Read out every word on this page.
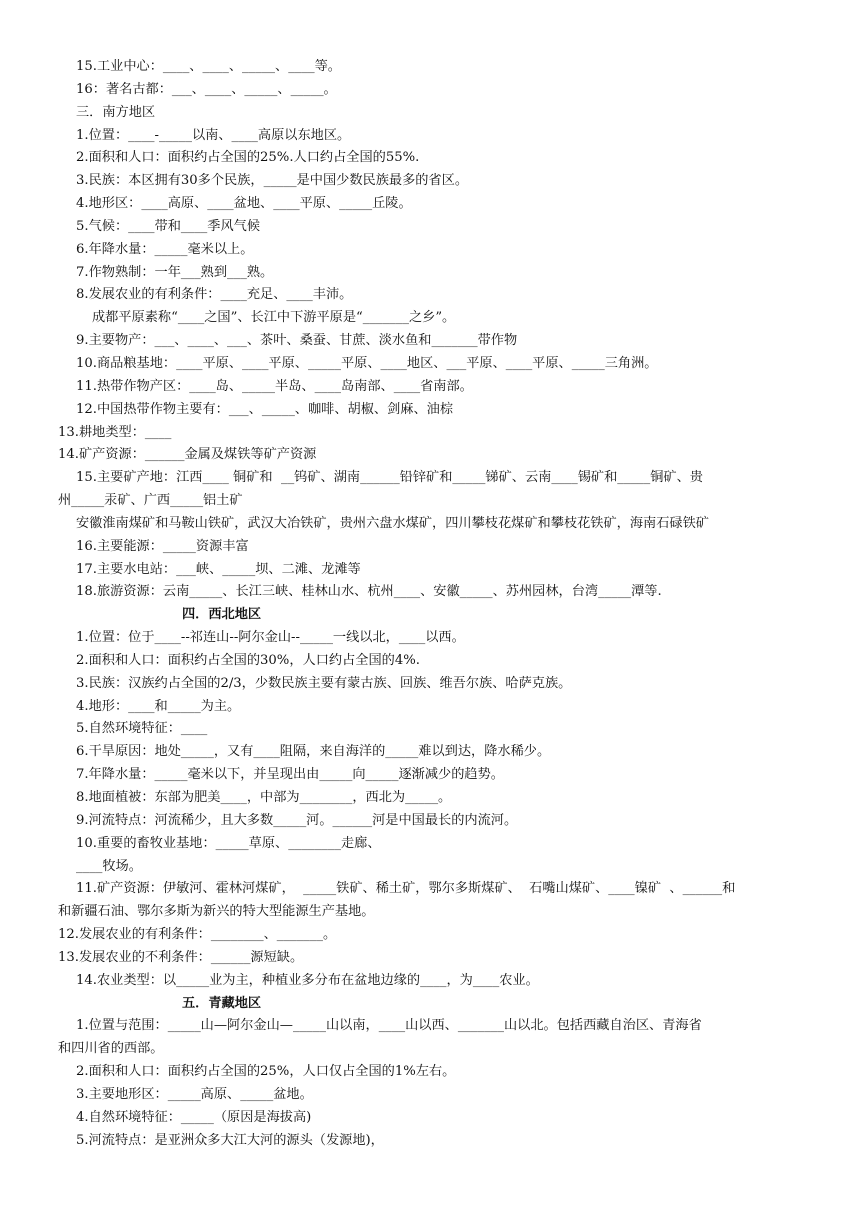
15.工业中心：____、____、_____、____等。
16：著名古都：___、____、_____、_____。
三．南方地区
1.位置：____-_____以南、____高原以东地区。
2.面积和人口：面积约占全国的25%.人口约占全国的55%.
3.民族：本区拥有30多个民族，_____是中国少数民族最多的省区。
4.地形区：____高原、____盆地、____平原、_____丘陵。
5.气候：____带和____季风气候
6.年降水量：_____毫米以上。
7.作物熟制：一年___熟到___熟。
8.发展农业的有利条件：____充足、____丰沛。
成都平原素称“____之国”、长江中下游平原是“_______之乡”。
9.主要物产：___、____、___、茶叶、桑蚕、甘蔗、淡水鱼和_______带作物
10.商品粮基地：____平原、____平原、_____平原、____地区、___平原、____平原、_____三角洲。
11.热带作物产区：____岛、_____半岛、____岛南部、____省南部。
12.中国热带作物主要有：___、_____、咖啡、胡椒、剑麻、油棕
13.耕地类型：____
14.矿产资源：______金属及煤铁等矿产资源
15.主要矿产地：江西____ 铜矿和  __钨矿、湖南______铅锌矿和_____锑矿、云南____锡矿和_____铜矿、贵
州_____汞矿、广西_____铝土矿
安徽淮南煤矿和马鞍山铁矿，武汉大冶铁矿，贵州六盘水煤矿，四川攀枝花煤矿和攀枝花铁矿，海南石碌铁矿
16.主要能源：_____资源丰富
17.主要水电站：___峡、_____坝、二滩、龙滩等
18.旅游资源：云南_____、长江三峡、桂林山水、杭州____、安徽_____、苏州园林，台湾_____潭等.
四．西北地区
1.位置：位于____--祁连山--阿尔金山--_____一线以北，____以西。
2.面积和人口：面积约占全国的30%，人口约占全国的4%.
3.民族：汉族约占全国的2/3，少数民族主要有蒙古族、回族、维吾尔族、哈萨克族。
4.地形：____和_____为主。
5.自然环境特征：____
6.干旱原因：地处_____，又有____阻隔，来自海洋的_____难以到达，降水稀少。
7.年降水量：_____毫米以下，并呈现出由_____向_____逐渐减少的趋势。
8.地面植被：东部为肥美____，中部为________，西北为_____。
9.河流特点：河流稀少，且大多数_____河。______河是中国最长的内流河。
10.重要的畜牧业基地：_____草原、________走廊、
____牧场。
11.矿产资源：伊敏河、霍林河煤矿，  _____铁矿、稀土矿，鄂尔多斯煤矿、  石嘴山煤矿、____镍矿  、______和
和新疆石油、鄂尔多斯为新兴的特大型能源生产基地。
12.发展农业的有利条件：________、_______。
13.发展农业的不利条件：______源短缺。
14.农业类型：以_____业为主，种植业多分布在盆地边缘的____，为____农业。
五．青藏地区
1.位置与范围：_____山—阿尔金山—_____山以南，____山以西、_______山以北。包括西藏自治区、青海省
和四川省的西部。
2.面积和人口：面积约占全国的25%，人口仅占全国的1%左右。
3.主要地形区：_____高原、_____盆地。
4.自然环境特征：_____（原因是海拔高)
5.河流特点：是亚洲众多大江大河的源头（发源地)，
